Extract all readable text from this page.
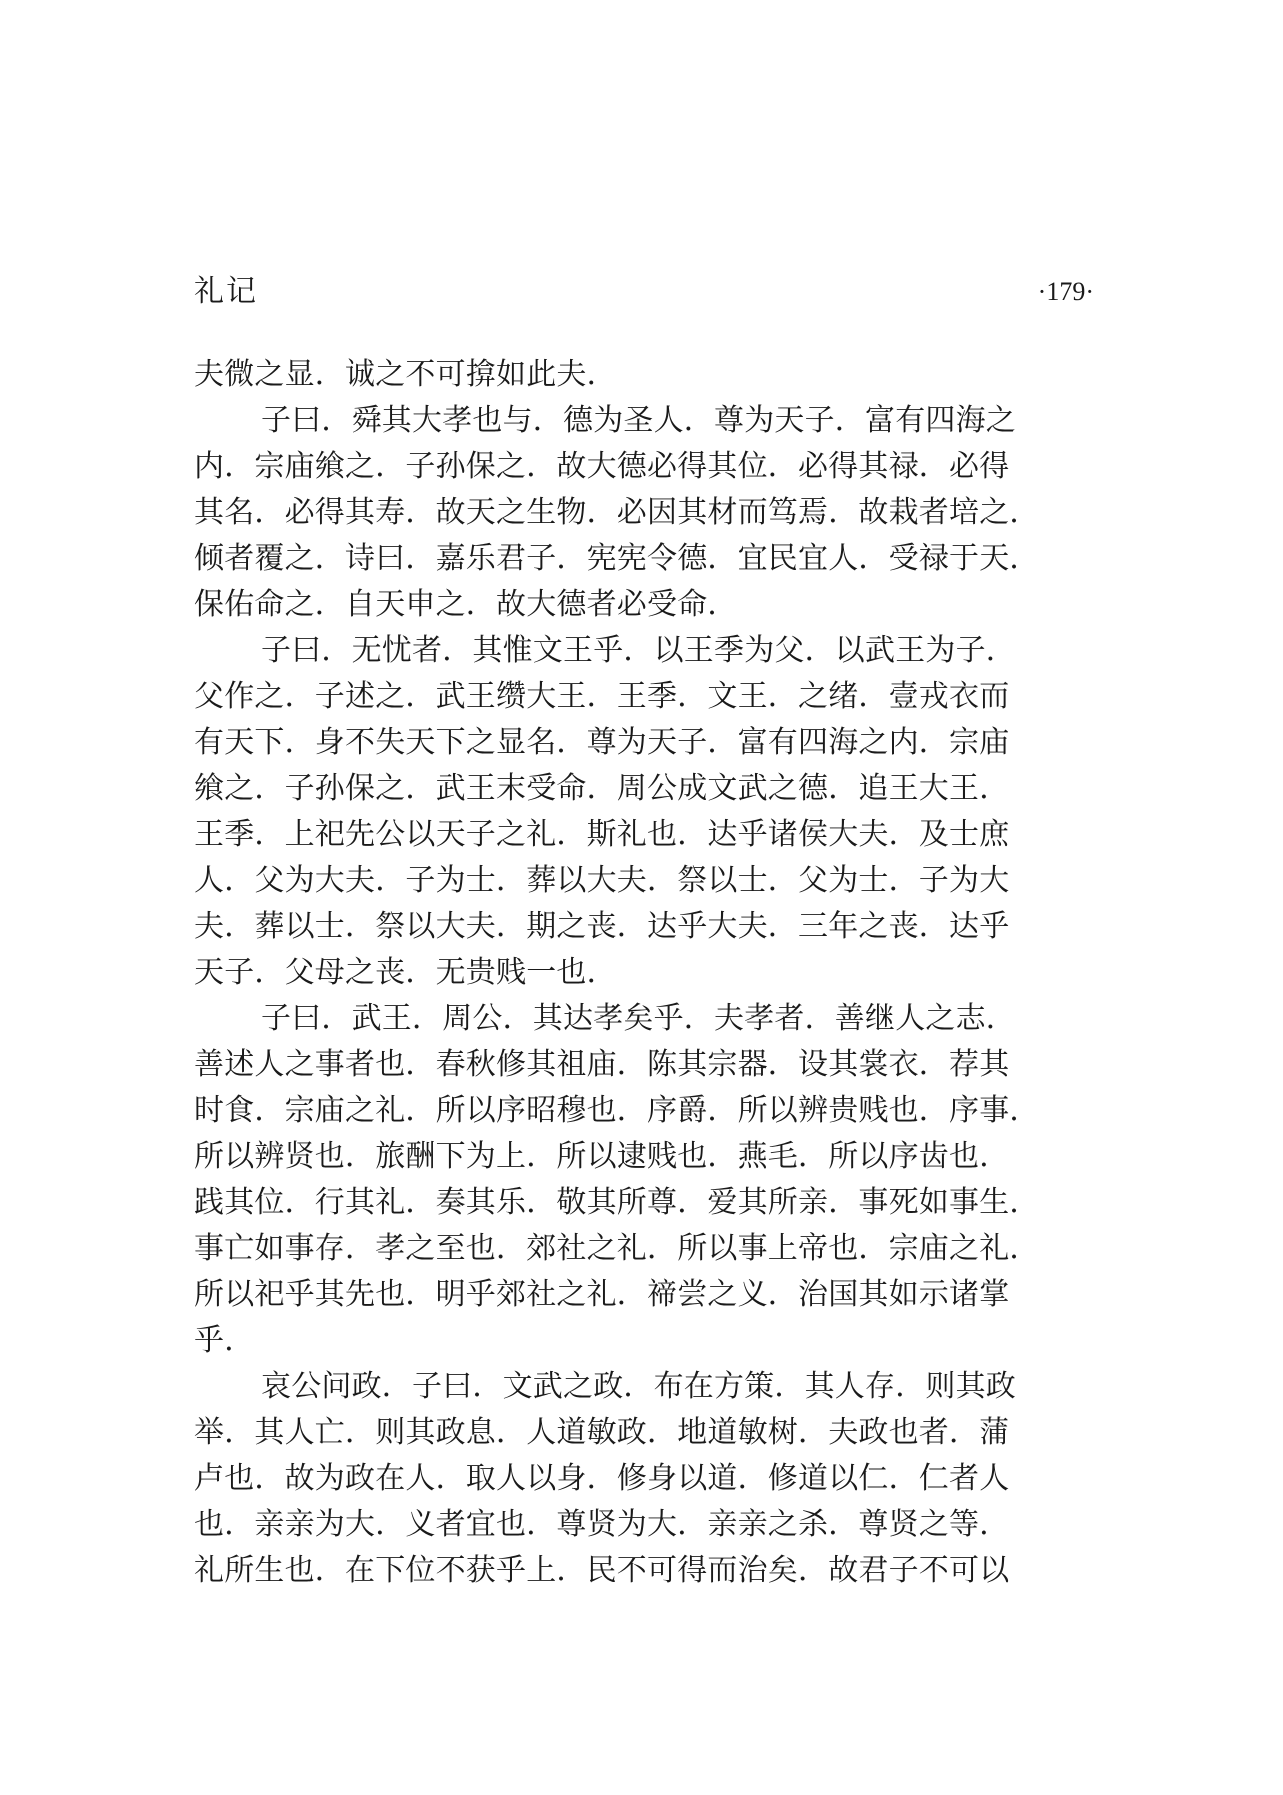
礼记	·179·
夫微之显．诚之不可揜如此夫．
子曰．舜其大孝也与．德为圣人．尊为天子．富有四海之
内．宗庙飨之．子孙保之．故大德必得其位．必得其禄．必得
其名．必得其寿．故天之生物．必因其材而笃焉．故栽者培之．
倾者覆之．诗曰．嘉乐君子．宪宪令德．宜民宜人．受禄于天．
保佑命之．自天申之．故大德者必受命．
子曰．无忧者．其惟文王乎．以王季为父．以武王为子．
父作之．子述之．武王缵大王．王季．文王．之绪．壹戎衣而
有天下．身不失天下之显名．尊为天子．富有四海之内．宗庙
飨之．子孙保之．武王末受命．周公成文武之德．追王大王．
王季．上祀先公以天子之礼．斯礼也．达乎诸侯大夫．及士庶
人．父为大夫．子为士．葬以大夫．祭以士．父为士．子为大
夫．葬以士．祭以大夫．期之丧．达乎大夫．三年之丧．达乎
天子．父母之丧．无贵贱一也．
子曰．武王．周公．其达孝矣乎．夫孝者．善继人之志．
善述人之事者也．春秋修其祖庙．陈其宗器．设其裳衣．荐其
时食．宗庙之礼．所以序昭穆也．序爵．所以辨贵贱也．序事．
所以辨贤也．旅酬下为上．所以逮贱也．燕毛．所以序齿也．
践其位．行其礼．奏其乐．敬其所尊．爱其所亲．事死如事生．
事亡如事存．孝之至也．郊社之礼．所以事上帝也．宗庙之礼．
所以祀乎其先也．明乎郊社之礼．禘尝之义．治国其如示诸掌
乎．
哀公问政．子曰．文武之政．布在方策．其人存．则其政
举．其人亡．则其政息．人道敏政．地道敏树．夫政也者．蒲
卢也．故为政在人．取人以身．修身以道．修道以仁．仁者人
也．亲亲为大．义者宜也．尊贤为大．亲亲之杀．尊贤之等．
礼所生也．在下位不获乎上．民不可得而治矣．故君子不可以
